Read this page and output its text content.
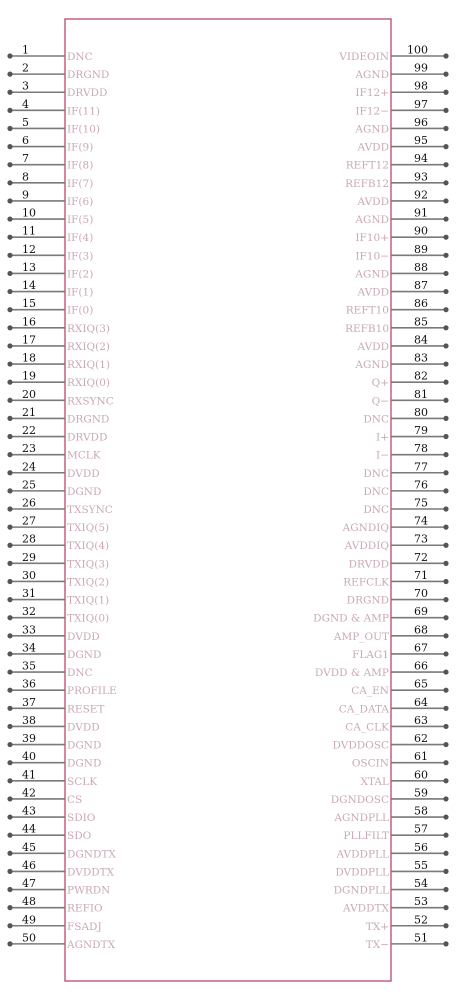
1
DNC
2
DRGND
3
DRVDD
4
IF(11)
5
IF(10)
6
IF(9)
7
IF(8)
8
IF(7)
9
IF(6)
10
IF(5)
11
IF(4)
12
IF(3)
13
IF(2)
14
IF(1)
15
IF(0)
16
RXIQ(3)
17
RXIQ(2)
18
RXIQ(1)
19
RXIQ(0)
20
RXSYNC
21
DRGND
22
DRVDD
23
MCLK
24
DVDD
25
DGND
26
TXSYNC
27
TXIQ(5)
28
TXIQ(4)
29
TXIQ(3)
30
TXIQ(2)
31
TXIQ(1)
32
TXIQ(0)
33
DVDD
34
DGND
35
DNC
36
PROFILE
37
RESET
38
DVDD
39
DGND
40
DGND
41
SCLK
42
CS
43
SDIO
44
SDO
45
DGNDTX
46
DVDDTX
47
PWRDN
48
REFIO
49
FSADJ
50
AGNDTX
100
VIDEOIN
99
AGND
98
IF12+
97
IF12−
96
AGND
95
AVDD
94
REFT12
93
REFB12
92
AVDD
91
AGND
90
IF10+
89
IF10−
88
AGND
87
AVDD
86
REFT10
85
REFB10
84
AVDD
83
AGND
82
Q+
81
Q−
80
DNC
79
I+
78
I−
77
DNC
76
DNC
75
DNC
74
AGNDIQ
73
AVDDIQ
72
DRVDD
71
REFCLK
70
DRGND
69
DGND & AMP
68
AMP_OUT
67
FLAG1
66
DVDD & AMP
65
CA_EN
64
CA_DATA
63
CA_CLK
62
DVDDOSC
61
OSCIN
60
XTAL
59
DGNDOSC
58
AGNDPLL
57
PLLFILT
56
AVDDPLL
55
DVDDPLL
54
DGNDPLL
53
AVDDTX
52
TX+
51
TX−
